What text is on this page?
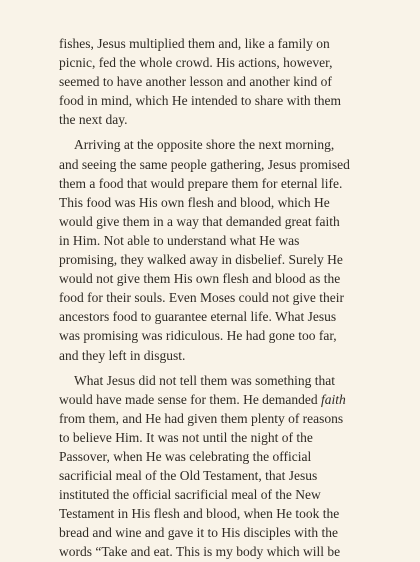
fishes, Jesus multiplied them and, like a family on
picnic, fed the whole crowd. His actions, however,
seemed to have another lesson and another kind of
food in mind, which He intended to share with them
the next day.

Arriving at the opposite shore the next morning,
and seeing the same people gathering, Jesus promised
them a food that would prepare them for eternal life.
This food was His own flesh and blood, which He
would give them in a way that demanded great faith
in Him. Not able to understand what He was
promising, they walked away in disbelief. Surely He
would not give them His own flesh and blood as the
food for their souls. Even Moses could not give their
ancestors food to guarantee eternal life. What Jesus
was promising was ridiculous. He had gone too far,
and they left in disgust.

What Jesus did not tell them was something that
would have made sense for them. He demanded faith
from them, and He had given them plenty of reasons
to believe Him. It was not until the night of the
Passover, when He was celebrating the official
sacrificial meal of the Old Testament, that Jesus
instituted the official sacrificial meal of the New
Testament in His flesh and blood, when He took the
bread and wine and gave it to His disciples with the
words “Take and eat. This is my body which will be
